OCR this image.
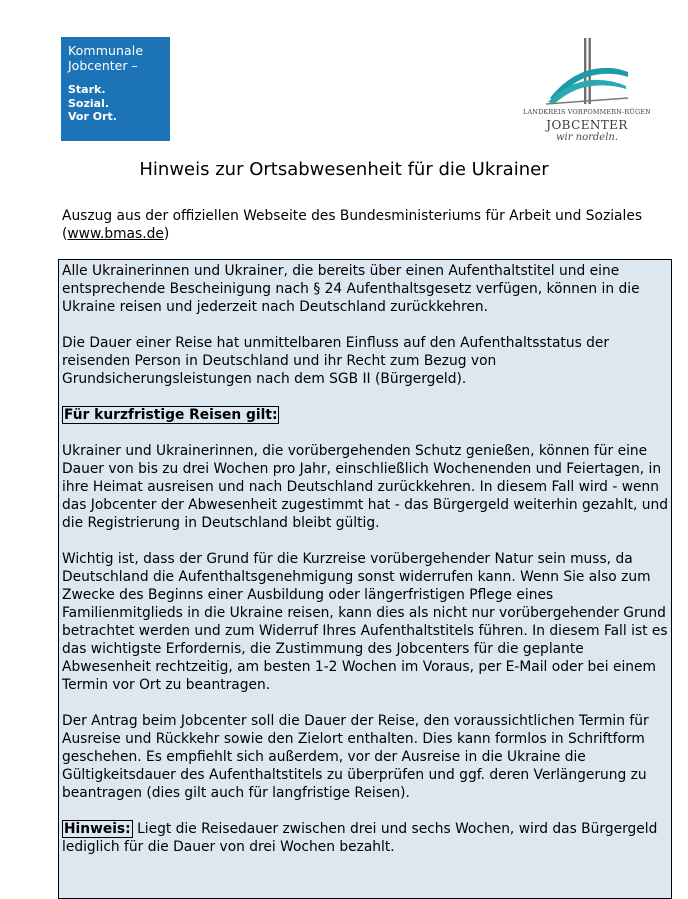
Kommunale
Jobcenter –
Stark.
Sozial.
Vor Ort.	LANDKREIS VORPOMMERN-RÜGEN
JOBCENTER
wir nordeln.
Hinweis zur Ortsabwesenheit für die Ukrainer
Auszug aus der offiziellen Webseite des Bundesministeriums für Arbeit und Soziales (www.bmas.de)

Alle Ukrainerinnen und Ukrainer, die bereits über einen Aufenthaltstitel und eine entsprechende Bescheinigung nach § 24 Aufenthaltsgesetz verfügen, können in die Ukraine reisen und jederzeit nach Deutschland zurückkehren.

Die Dauer einer Reise hat unmittelbaren Einfluss auf den Aufenthaltsstatus der reisenden Person in Deutschland und ihr Recht zum Bezug von Grundsicherungsleistungen nach dem SGB II (Bürgergeld).

Für kurzfristige Reisen gilt:

Ukrainer und Ukrainerinnen, die vorübergehenden Schutz genießen, können für eine Dauer von bis zu drei Wochen pro Jahr, einschließlich Wochenenden und Feiertagen, in ihre Heimat ausreisen und nach Deutschland zurückkehren. In diesem Fall wird - wenn das Jobcenter der Abwesenheit zugestimmt hat - das Bürgergeld weiterhin gezahlt, und die Registrierung in Deutschland bleibt gültig.

Wichtig ist, dass der Grund für die Kurzreise vorübergehender Natur sein muss, da Deutschland die Aufenthaltsgenehmigung sonst widerrufen kann. Wenn Sie also zum Zwecke des Beginns einer Ausbildung oder längerfristigen Pflege eines Familienmitglieds in die Ukraine reisen, kann dies als nicht nur vorübergehender Grund betrachtet werden und zum Widerruf Ihres Aufenthaltstitels führen. In diesem Fall ist es das wichtigste Erfordernis, die Zustimmung des Jobcenters für die geplante Abwesenheit rechtzeitig, am besten 1-2 Wochen im Voraus, per E-Mail oder bei einem Termin vor Ort zu beantragen.

Der Antrag beim Jobcenter soll die Dauer der Reise, den voraussichtlichen Termin für Ausreise und Rückkehr sowie den Zielort enthalten. Dies kann formlos in Schriftform geschehen. Es empfiehlt sich außerdem, vor der Ausreise in die Ukraine die Gültigkeitsdauer des Aufenthaltstitels zu überprüfen und ggf. deren Verlängerung zu beantragen (dies gilt auch für langfristige Reisen).

Hinweis: Liegt die Reisedauer zwischen drei und sechs Wochen, wird das Bürgergeld lediglich für die Dauer von drei Wochen bezahlt.
